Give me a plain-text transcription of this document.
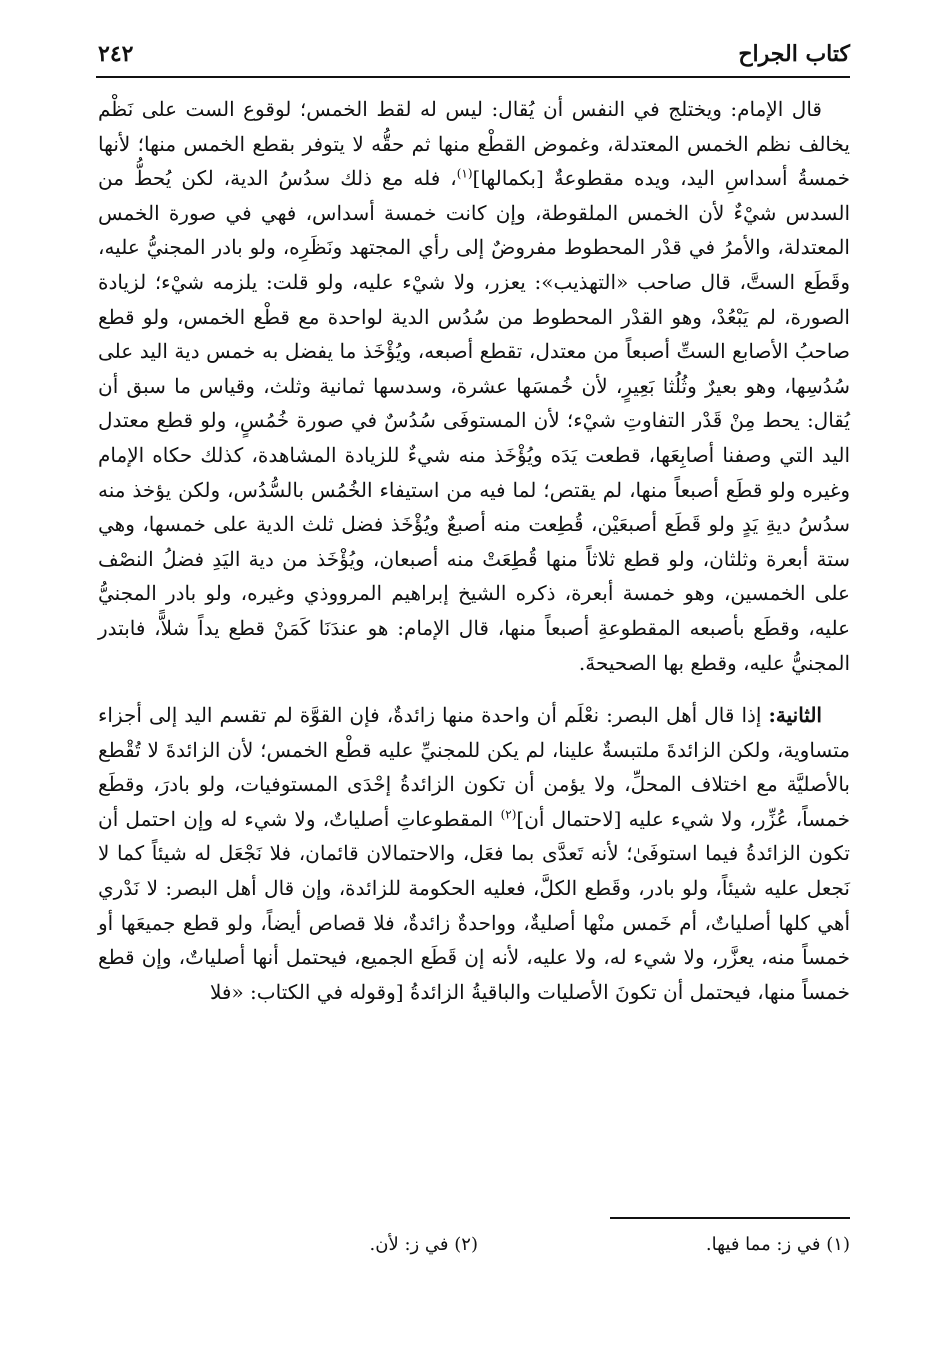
٢٤٢	كتاب الجراح

قال الإمام: ويختلج في النفس أن يُقال: ليس له لقط الخمس؛ لوقوع الست على نَظْم يخالف نظم الخمس المعتدلة، وغموض القطْع منها ثم حقُّه لا يتوفر بقطع الخمس منها؛ لأنها خمسةُ أسداسِ اليد، ويده مقطوعةٌ [بكمالها]$^{(١)}$، فله مع ذلك سدُسُ الدية، لكن يُحطُّ من السدس شيْءٌ لأن الخمس الملقوطة، وإن كانت خمسة أسداس، فهي في صورة الخمس المعتدلة، والأمرُ في قدْر المحطوط مفروضٌ إلى رأي المجتهد ونَظَرِه، ولو بادر المجنيُّ عليه، وقَطَع الستَّ، قال صاحب «التهذيب»: يعزر، ولا شيْء عليه، ولو قلت: يلزمه شيْء؛ لزيادة الصورة، لم يَبْعُدْ، وهو القدْر المحطوط من سُدُس الدية لواحدة مع قطْع الخمس، ولو قطع صاحبُ الأصابع الستِّ أصبعاً من معتدل، تقطع أصبعه، ويُؤْخَذ ما يفضل به خمس دية اليد على سُدُسِها، وهو بعيرٌ وثُلُثا بَعِيرٍ، لأن خُمسَها عشرة، وسدسها ثمانية وثلث، وقياس ما سبق أن يُقال: يحط مِنْ قَدْر التفاوتِ شيْء؛ لأن المستوفَى سُدُسٌ في صورة خُمُسٍ، ولو قطع معتدل اليد التي وصفنا أصابِعَها، قطعت يَدَه ويُؤْخَذ منه شيءٌ للزيادة المشاهدة، كذلك حكاه الإمام وغيره ولو قطَع أصبعاً منها، لم يقتص؛ لما فيه من استيفاء الخُمُس بالسُّدُس، ولكن يؤخذ منه سدُسُ ديةِ يَدٍ ولو قَطَع أصبعَيْن، قُطِعت منه أصبعٌ ويُؤْخَذ فضل ثلث الدية على خمسها، وهي ستة أبعرة وثلثان، ولو قطع ثلاثاً منها قُطِعَتْ منه أصبعان، ويُؤْخَذ من دية اليَدِ فضلُ النصْف على الخمسين، وهو خمسة أبعرة، ذكره الشيخ إبراهيم المرووذي وغيره، ولو بادر المجنيُّ عليه، وقطَع بأصبعه المقطوعةِ أصبعاً منها، قال الإمام: هو عندَنَا كَمَنْ قطع يداً شلاًّ، فابتدر المجنيُّ عليه، وقطع بها الصحيحةَ.

الثانية: إذا قال أهل البصر: نعْلَم أن واحدة منها زائدةٌ، فإن القوَّة لم تقسم اليد إلى أجزاء متساوية، ولكن الزائدةَ ملتبسةٌ علينا، لم يكن للمجنيِّ عليه قطْع الخمس؛ لأن الزائدةَ لا تُقْطع بالأصليَّة مع اختلاف المحلِّ، ولا يؤمن أن تكون الزائدةُ إحْدَى المستوفيات، ولو بادرَ، وقطَع خمساً، عُزِّر، ولا شيء عليه [لاحتمال أن]$^{(٢)}$ المقطوعاتِ أصلياتٌ، ولا شيء له وإن احتمل أن تكون الزائدةُ فيما استوفَىٰ؛ لأنه تَعدَّى بما فعَل، والاحتمالان قائمان، فلا نَجْعَل له شيئاً كما لا نَجعل عليه شيئاً، ولو بادر، وقَطع الكلَّ، فعليه الحكومة للزائدة، وإن قال أهل البصر: لا نَدْري أهي كلها أصلياتٌ، أم خَمس منْها أصليةٌ، وواحدةٌ زائدةٌ، فلا قصاص أيضاً، ولو قطع جميعَها أو خمساً منه، يعزَّر، ولا شيء له، ولا عليه، لأنه إن قَطَع الجميع، فيحتمل أنها أصلياتٌ، وإن قطع خمساً منها، فيحتمل أن تكونَ الأصليات والباقيةُ الزائدةُ [وقوله في الكتاب: «فلا

(١) في ز: مما فيها.
(٢) في ز: لأن.
